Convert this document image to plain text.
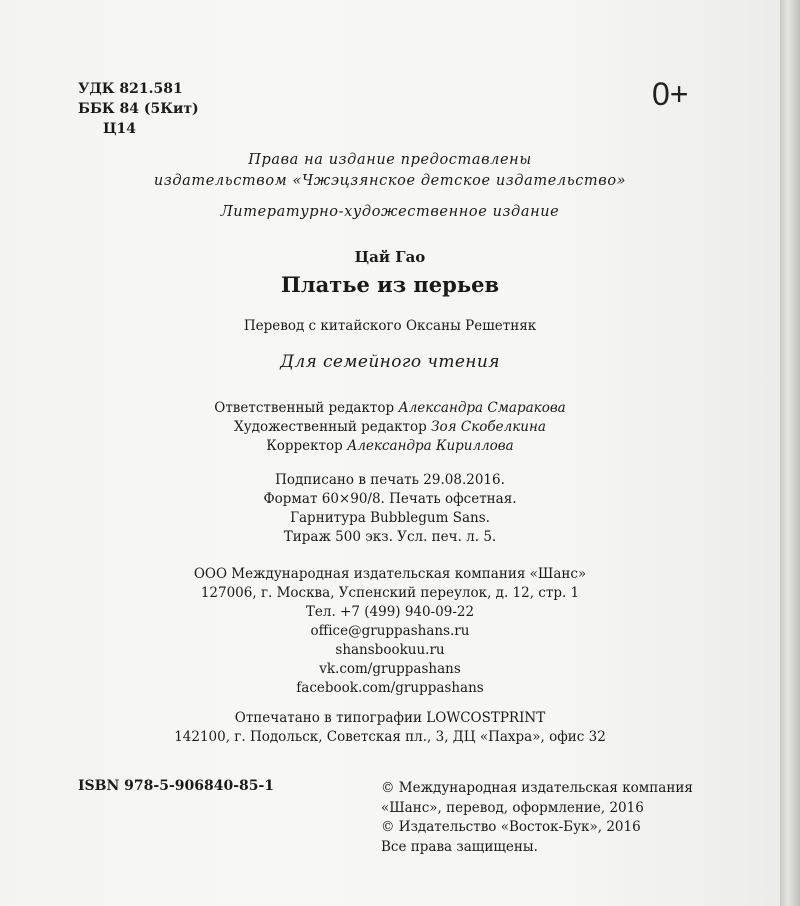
УДК 821.581
ББК 84 (5Кит)
Ц14
0+
Права на издание предоставлены
издательством «Чжэцзянское детское издательство»
Литературно-художественное издание
Цай Гао
Платье из перьев
Перевод с китайского Оксаны Решетняк
Для семейного чтения
Ответственный редактор Александра Смаракова
Художественный редактор Зоя Скобелкина
Корректор Александра Кириллова
Подписано в печать 29.08.2016.
Формат 60×90/8. Печать офсетная.
Гарнитура Bubblegum Sans.
Тираж 500 экз. Усл. печ. л. 5.
ООО Международная издательская компания «Шанс»
127006, г. Москва, Успенский переулок, д. 12, стр. 1
Тел. +7 (499) 940-09-22
office@gruppashans.ru
shansbookuu.ru
vk.com/gruppashans
facebook.com/gruppashans
Отпечатано в типографии LOWCOSTPRINT
142100, г. Подольск, Советская пл., 3, ДЦ «Пахра», офис 32
ISBN 978-5-906840-85-1	© Международная издательская компания
«Шанс», перевод, оформление, 2016
© Издательство «Восток-Бук», 2016
Все права защищены.
